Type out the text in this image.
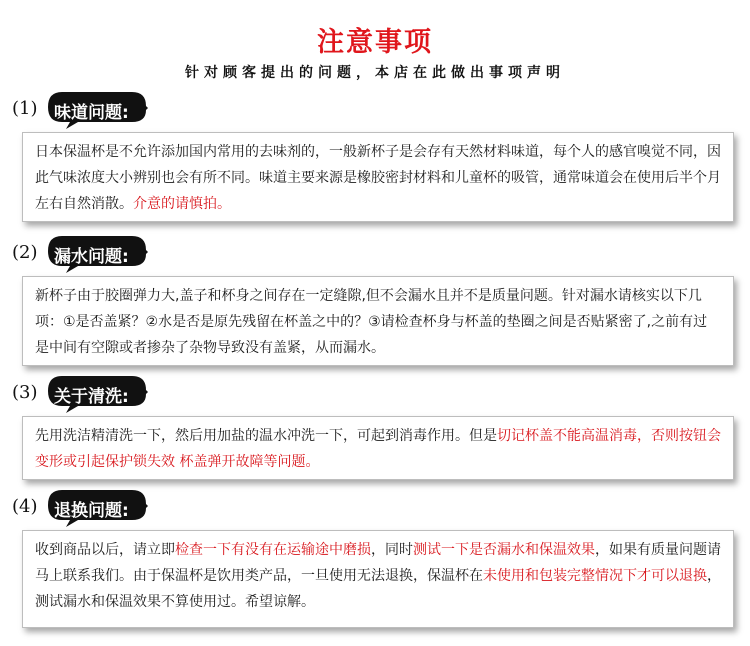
注意事项
针对顾客提出的问题，本店在此做出事项声明
(1) 味道问题:
日本保温杯是不允许添加国内常用的去味剂的，一般新杯子是会存有天然材料味道，每个人的感官嗅觉不同，因此气味浓度大小辨别也会有所不同。味道主要来源是橡胶密封材料和儿童杯的吸管，通常味道会在使用后半个月左右自然消散。介意的请慎拍。
(2) 漏水问题:
新杯子由于胶圈弹力大,盖子和杯身之间存在一定缝隙,但不会漏水且并不是质量问题。针对漏水请核实以下几项：①是否盖紧？②水是否是原先残留在杯盖之中的？③请检查杯身与杯盖的垫圈之间是否贴紧密了,之前有过是中间有空隙或者掺杂了杂物导致没有盖紧，从而漏水。
(3) 关于清洗:
先用洗洁精清洗一下，然后用加盐的温水冲洗一下，可起到消毒作用。但是切记杯盖不能高温消毒，否则按钮会变形或引起保护锁失效 杯盖弹开故障等问题。
(4) 退换问题:
收到商品以后，请立即检查一下有没有在运输途中磨损，同时测试一下是否漏水和保温效果，如果有质量问题请马上联系我们。由于保温杯是饮用类产品，一旦使用无法退换，保温杯在未使用和包装完整情况下才可以退换，测试漏水和保温效果不算使用过。希望谅解。
